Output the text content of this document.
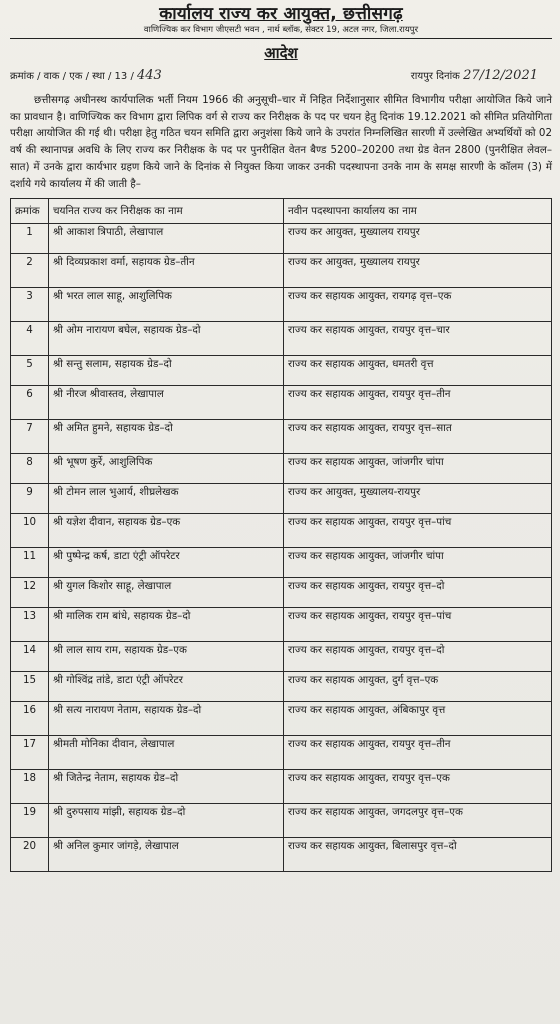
कार्यालय राज्य कर आयुक्त, छत्तीसगढ़
वाणिज्यिक कर विभाग जीएसटी भवन , नार्थ ब्लॉक, सेक्टर 19, अटल नगर, जिला.रायपुर
आदेश
क्रमांक / वाक / एक / स्था / 13 / 443	रायपुर दिनांक 27/12/2021

छत्तीसगढ़ अधीनस्थ कार्यपालिक भर्ती नियम 1966 की अनुसूची–चार में निहित निर्देशानुसार सीमित विभागीय परीक्षा आयोजित किये जाने का प्रावधान है। वाणिज्यिक कर विभाग द्वारा लिपिक वर्ग से राज्य कर निरीक्षक के पद पर चयन हेतु दिनांक 19.12.2021 को सीमित प्रतियोगिता परीक्षा आयोजित की गई थी। परीक्षा हेतु गठित चयन समिति द्वारा अनुशंसा किये जाने के उपरांत निम्नलिखित सारणी में उल्लेखित अभ्यर्थियों को 02 वर्ष की स्थानापन्न अवधि के लिए राज्य कर निरीक्षक के पद पर पुनरीक्षित वेतन बैण्ड 5200–20200 तथा ग्रेड वेतन 2800 (पुनरीक्षित लेवल–सात) में उनके द्वारा कार्यभार ग्रहण किये जाने के दिनांक से नियुक्त किया जाकर उनकी पदस्थापना उनके नाम के समक्ष सारणी के कॉलम (3) में दर्शाये गये कार्यालय में की जाती है–

क्रमांक	चयनित राज्य कर निरीक्षक का नाम	नवीन पदस्थापना कार्यालय का नाम
1	श्री आकाश त्रिपाठी, लेखापाल	राज्य कर आयुक्त, मुख्यालय रायपुर
2	श्री दिव्यप्रकाश वर्मा, सहायक ग्रेड–तीन	राज्य कर आयुक्त, मुख्यालय रायपुर
3	श्री भरत लाल साहू, आशुलिपिक	राज्य कर सहायक आयुक्त, रायगढ़ वृत्त–एक
4	श्री ओम नारायण बघेल, सहायक ग्रेड–दो	राज्य कर सहायक आयुक्त, रायपुर वृत्त–चार
5	श्री सन्तु सलाम, सहायक ग्रेड–दो	राज्य कर सहायक आयुक्त, धमतरी वृत्त
6	श्री नीरज श्रीवास्तव, लेखापाल	राज्य कर सहायक आयुक्त, रायपुर वृत्त–तीन
7	श्री अमित हुमने, सहायक ग्रेड–दो	राज्य कर सहायक आयुक्त, रायपुर वृत्त–सात
8	श्री भूषण कुर्रे, आशुलिपिक	राज्य कर सहायक आयुक्त, जांजगीर चांपा
9	श्री टोमन लाल भुआर्य, शीघ्रलेखक	राज्य कर आयुक्त, मुख्यालय-रायपुर
10	श्री यज्ञेश दीवान, सहायक ग्रेड–एक	राज्य कर सहायक आयुक्त, रायपुर वृत्त–पांच
11	श्री पुष्पेन्द्र कर्ष, डाटा एंट्री ऑपरेटर	राज्य कर सहायक आयुक्त, जांजगीर चांपा
12	श्री युगल किशोर साहू, लेखापाल	राज्य कर सहायक आयुक्त, रायपुर वृत्त–दो
13	श्री मालिक राम बांधे, सहायक ग्रेड–दो	राज्य कर सहायक आयुक्त, रायपुर वृत्त–पांच
14	श्री लाल साय राम, सहायक ग्रेड–एक	राज्य कर सहायक आयुक्त, रायपुर वृत्त–दो
15	श्री गोश्विंद्र तांडे, डाटा एंट्री ऑपरेटर	राज्य कर सहायक आयुक्त, दुर्ग वृत्त–एक
16	श्री सत्य नारायण नेताम, सहायक ग्रेड–दो	राज्य कर सहायक आयुक्त, अंबिकापुर वृत्त
17	श्रीमती मोनिका दीवान, लेखापाल	राज्य कर सहायक आयुक्त, रायपुर वृत्त–तीन
18	श्री जितेन्द्र नेताम, सहायक ग्रेड–दो	राज्य कर सहायक आयुक्त, रायपुर वृत्त–एक
19	श्री दुरुपसाय मांझी, सहायक ग्रेड–दो	राज्य कर सहायक आयुक्त, जगदलपुर वृत्त–एक
20	श्री अनिल कुमार जांगड़े, लेखापाल	राज्य कर सहायक आयुक्त, बिलासपुर वृत्त–दो
